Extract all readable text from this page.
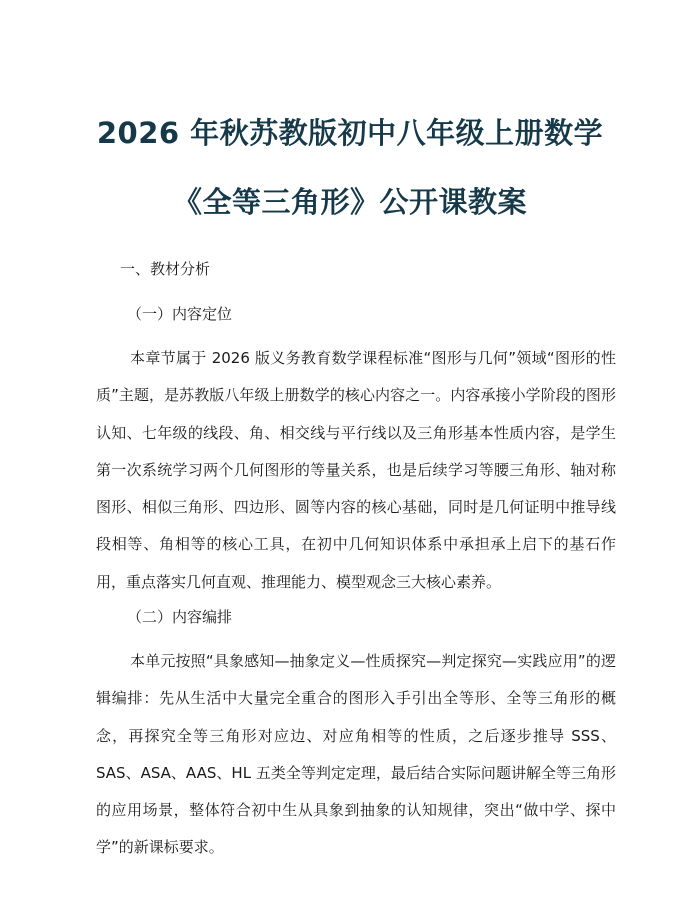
2026 年秋苏教版初中八年级上册数学
《全等三角形》公开课教案
一、教材分析
（一）内容定位

本章节属于 2026 版义务教育数学课程标准“图形与几何”领域“图形的性质”主题，是苏教版八年级上册数学的核心内容之一。内容承接小学阶段的图形认知、七年级的线段、角、相交线与平行线以及三角形基本性质内容，是学生第一次系统学习两个几何图形的等量关系，也是后续学习等腰三角形、轴对称图形、相似三角形、四边形、圆等内容的核心基础，同时是几何证明中推导线段相等、角相等的核心工具，在初中几何知识体系中承担承上启下的基石作用，重点落实几何直观、推理能力、模型观念三大核心素养。

（二）内容编排

本单元按照“具象感知—抽象定义—性质探究—判定探究—实践应用”的逻辑编排：先从生活中大量完全重合的图形入手引出全等形、全等三角形的概念，再探究全等三角形对应边、对应角相等的性质，之后逐步推导 SSS、SAS、ASA、AAS、HL 五类全等判定定理，最后结合实际问题讲解全等三角形的应用场景，整体符合初中生从具象到抽象的认知规律，突出“做中学、探中学”的新课标要求。
